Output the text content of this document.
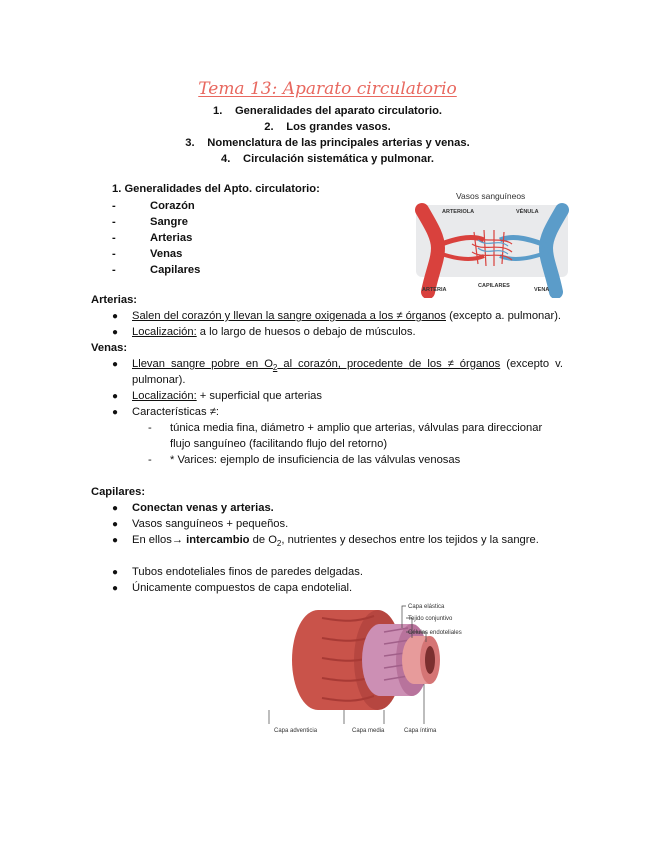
Tema 13: Aparato circulatorio
1. Generalidades del aparato circulatorio.
2. Los grandes vasos.
3. Nomenclatura de las principales arterias y venas.
4. Circulación sistemática y pulmonar.
1. Generalidades del Apto. circulatorio:
-	Corazón
-	Sangre
-	Arterias
-	Venas
-	Capilares
Vasos sanguíneos
ARTERIOLA	VÉNULA
ARTERIA
CAPILARES
VENA
Arterias:
● Salen del corazón y llevan la sangre oxigenada a los ≠ órganos (excepto a. pulmonar).
● Localización: a lo largo de huesos o debajo de músculos.
Venas:
● Llevan sangre pobre en $O_2$ al corazón, procedente de los ≠ órganos (excepto v.
pulmonar).
● Localización: + superficial que arterias
● Características ≠:
- túnica media fina, diámetro + amplio que arterias, válvulas para direccionar
flujo sanguíneo (facilitando flujo del retorno)
- * Varices: ejemplo de insuficiencia de las válvulas venosas
Capilares:
● Conectan venas y arterias.
● Vasos sanguíneos + pequeños.
● En ellos→ intercambio de $O_2$, nutrientes y desechos entre los tejidos y la sangre.
● Tubos endoteliales finos de paredes delgadas.
● Únicamente compuestos de capa endotelial.
Capa elástica
Tejido conjuntivo
Células endoteliales
Capa adventicia	Capa media	Capa íntima
